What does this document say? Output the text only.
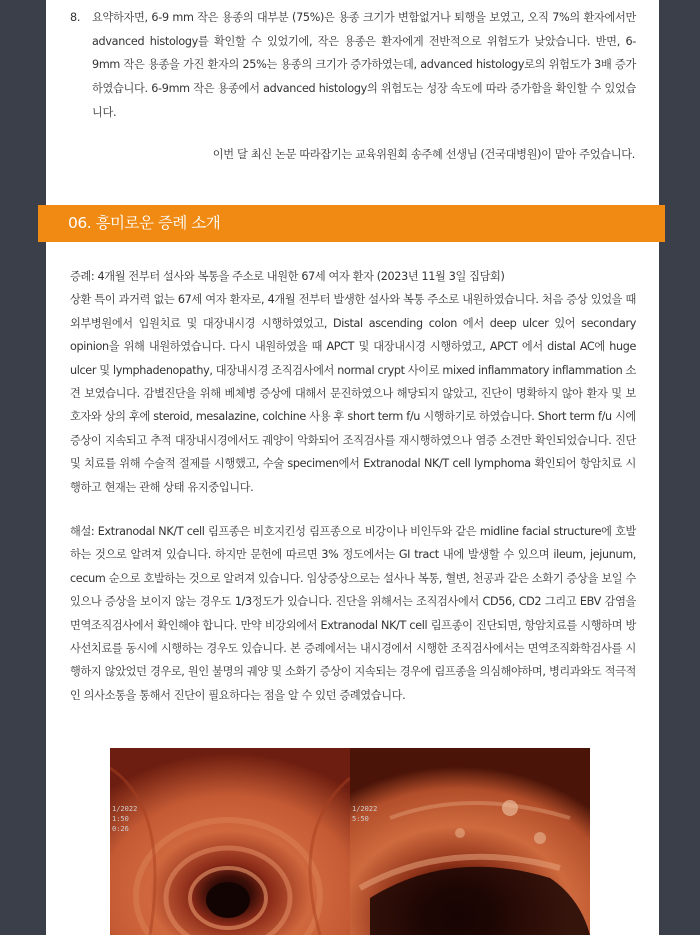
8. 요약하자면, 6-9 mm 작은 용종의 대부분 (75%)은 용종 크기가 변함없거나 퇴행을 보였고, 오직 7%의 환자에서만 advanced histology를 확인할 수 있었기에, 작은 용종은 환자에게 전반적으로 위험도가 낮았습니다. 반면, 6-9mm 작은 용종을 가진 환자의 25%는 용종의 크기가 증가하였는데, advanced histology로의 위험도가 3배 증가하였습니다. 6-9mm 작은 용종에서 advanced histology의 위험도는 성장 속도에 따라 증가함을 확인할 수 있었습니다.
이번 달 최신 논문 따라잡기는 교육위원회 송주혜 선생님 (건국대병원)이 맡아 주었습니다.

증례: 4개월 전부터 설사와 복통을 주소로 내원한 67세 여자 환자 (2023년 11월 3일 집담회)

상환 특이 과거력 없는 67세 여자 환자로, 4개월 전부터 발생한 설사와 복통 주소로 내원하였습니다. 처음 증상 있었을 때 외부병원에서 입원치료 및 대장내시경 시행하였었고, Distal ascending colon 에서 deep ulcer 있어 secondary opinion을 위해 내원하였습니다. 다시 내원하였을 때 APCT 및 대장내시경 시행하였고, APCT 에서 distal AC에 huge ulcer 및 lymphadenopathy, 대장내시경 조직검사에서 normal crypt 사이로 mixed inflammatory inflammation 소견 보였습니다. 감별진단을 위해 베체병 증상에 대해서 문진하였으나 해당되지 않았고, 진단이 명확하지 않아 환자 및 보호자와 상의 후에 steroid, mesalazine, colchine 사용 후 short term f/u 시행하기로 하였습니다. Short term f/u 시에 증상이 지속되고 추적 대장내시경에서도 궤양이 악화되어 조직검사를 재시행하였으나 염증 소견만 확인되었습니다. 진단 및 치료를 위해 수술적 절제를 시행했고, 수술 specimen에서 Extranodal NK/T cell lymphoma 확인되어 항암치료 시행하고 현재는 관해 상태 유지중입니다.

해설: Extranodal NK/T cell 림프종은 비호지킨성 림프종으로 비강이나 비인두와 같은 midline facial structure에 호발하는 것으로 알려져 있습니다. 하지만 문헌에 따르면 3% 정도에서는 GI tract 내에 발생할 수 있으며 ileum, jejunum, cecum 순으로 호발하는 것으로 알려져 있습니다. 임상증상으로는 설사나 복통, 혈변, 천공과 같은 소화기 증상을 보일 수 있으나 증상을 보이지 않는 경우도 1/3정도가 있습니다. 진단을 위해서는 조직검사에서 CD56, CD2 그리고 EBV 감염을 면역조직검사에서 확인해야 합니다. 만약 비강외에서 Extranodal NK/T cell 림프종이 진단되면, 항암치료를 시행하며 방사선치료를 동시에 시행하는 경우도 있습니다. 본 증례에서는 내시경에서 시행한 조직검사에서는 면역조직화학검사를 시행하지 않았었던 경우로, 원인 불명의 궤양 및 소화기 증상이 지속되는 경우에 림프종을 의심해야하며, 병리과와도 적극적인 의사소통을 통해서 진단이 필요하다는 점을 알 수 있던 증례였습니다.
1/2022
1:50
0:26
1/2022
5:50
06. 흥미로운 증례 소개
